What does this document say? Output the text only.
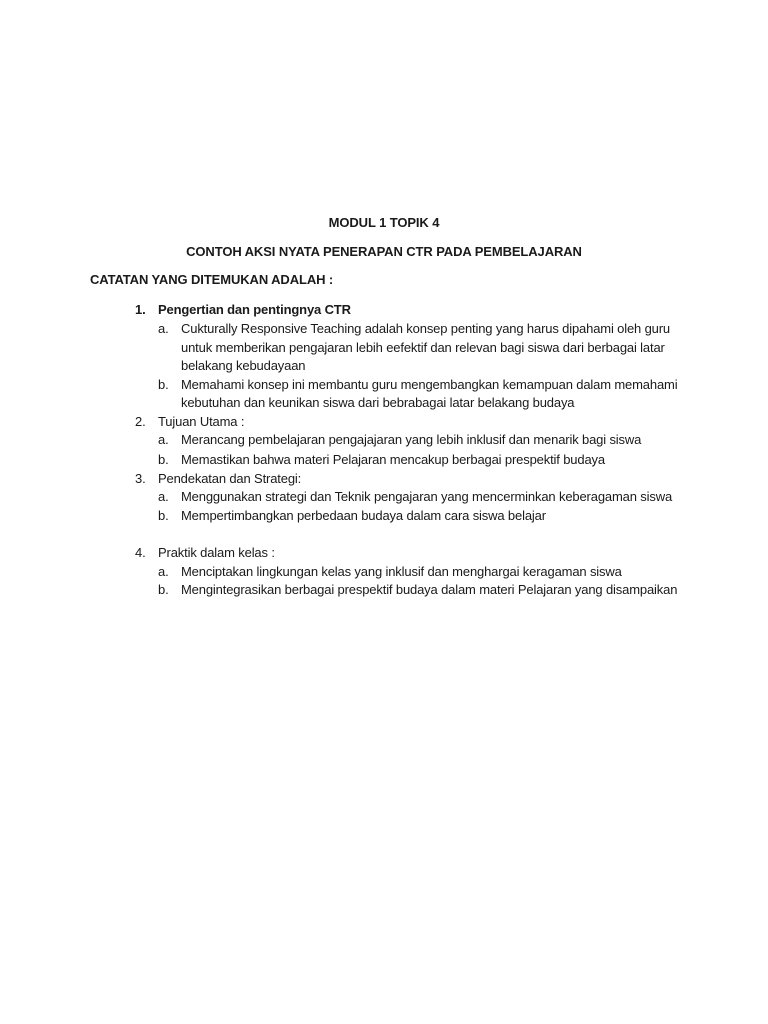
MODUL 1 TOPIK 4
CONTOH AKSI NYATA PENERAPAN CTR PADA PEMBELAJARAN
CATATAN YANG DITEMUKAN ADALAH :
1. Pengertian dan pentingnya CTR
a. Cukturally Responsive Teaching adalah konsep penting yang harus dipahami oleh guru
untuk memberikan pengajaran lebih eefektif dan relevan bagi siswa dari berbagai latar
belakang kebudayaan
b. Memahami konsep ini membantu guru mengembangkan kemampuan dalam memahami
kebutuhan dan keunikan siswa dari bebrabagai latar belakang budaya
2. Tujuan Utama :
a. Merancang pembelajaran pengajajaran yang lebih inklusif dan menarik bagi siswa
b. Memastikan bahwa materi Pelajaran mencakup berbagai prespektif budaya
3. Pendekatan dan Strategi:
a. Menggunakan strategi dan Teknik pengajaran yang mencerminkan keberagaman siswa
b. Mempertimbangkan perbedaan budaya dalam cara siswa belajar
4. Praktik dalam kelas :
a. Menciptakan lingkungan kelas yang inklusif dan menghargai keragaman siswa
b. Mengintegrasikan berbagai prespektif budaya dalam materi Pelajaran yang disampaikan
